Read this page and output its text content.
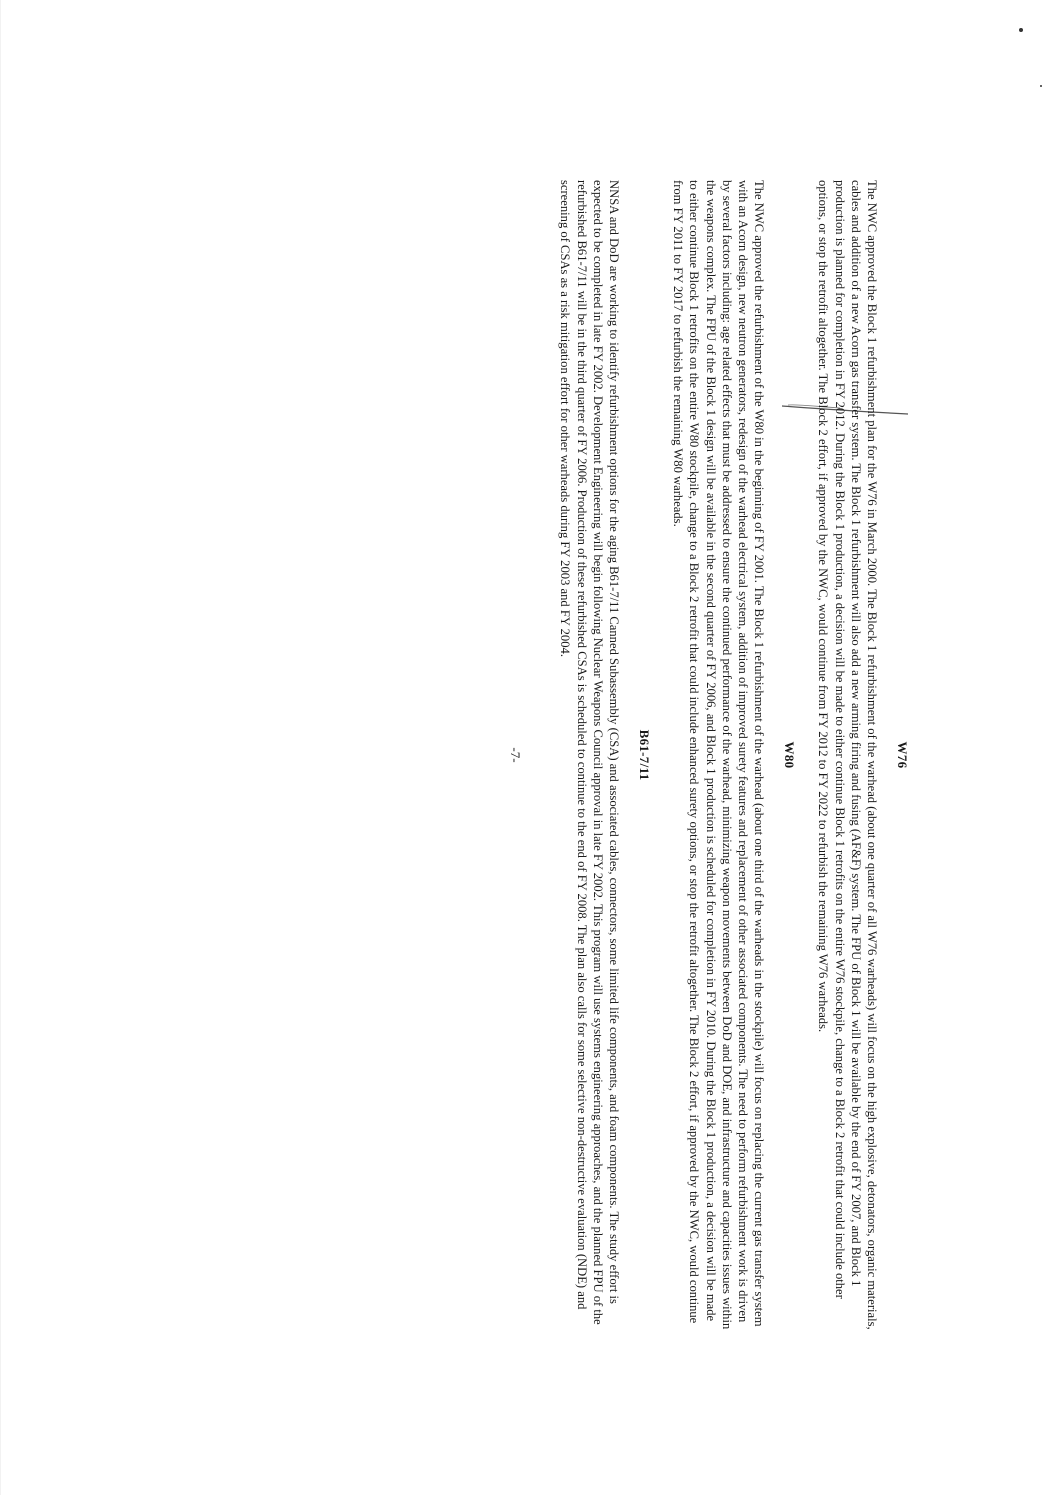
W76

The NWC approved the Block 1 refurbishment plan for the W76 in March 2000. The Block 1 refurbishment of the warhead (about one quarter of all W76 warheads) will focus on the high explosive, detonators, organic materials, cables and addition of a new Acorn gas transfer system. The Block 1 refurbishment will also add a new arming firing and fusing (AF&F) system. The FPU of Block 1 will be available by the end of FY 2007, and Block 1 production is planned for completion in FY 2012. During the Block 1 production, a decision will be made to either continue Block 1 retrofits on the entire W76 stockpile, change to a Block 2 retrofit that could include other options, or stop the retrofit altogether. The Block 2 effort, if approved by the NWC, would continue from FY 2012 to FY 2022 to refurbish the remaining W76 warheads.

W80

The NWC approved the refurbishment of the W80 in the beginning of FY 2001. The Block 1 refurbishment of the warhead (about one third of the warheads in the stockpile) will focus on replacing the current gas transfer system with an Acorn design, new neutron generators, redesign of the warhead electrical system, addition of improved surety features and replacement of other associated components. The need to perform refurbishment work is driven by several factors including: age related effects that must be addressed to ensure the continued performance of the warhead, minimizing weapon movements between DoD and DOE, and infrastructure and capacities issues within the weapons complex. The FPU of the Block 1 design will be available in the second quarter of FY 2006, and Block 1 production is scheduled for completion in FY 2010. During the Block 1 production, a decision will be made to either continue Block 1 retrofits on the entire W80 stockpile, change to a Block 2 retrofit that could include enhanced surety options, or stop the retrofit altogether. The Block 2 effort, if approved by the NWC, would continue from FY 2011 to FY 2017 to refurbish the remaining W80 warheads.

B61-7/11

NNSA and DoD are working to identify refurbishment options for the aging B61-7/11 Canned Subassembly (CSA) and associated cables, connectors, some limited life components, and foam components. The study effort is expected to be completed in late FY 2002. Development Engineering will begin following Nuclear Weapons Council approval in late FY 2002. This program will use systems engineering approaches, and the planned FPU of the refurbished B61-7/11 will be in the third quarter of FY 2006. Production of these refurbished CSAs is scheduled to continue to the end of FY 2008. The plan also calls for some selective non-destructive evaluation (NDE) and screening of CSAs as a risk mitigation effort for other warheads during FY 2003 and FY 2004.

-7-
